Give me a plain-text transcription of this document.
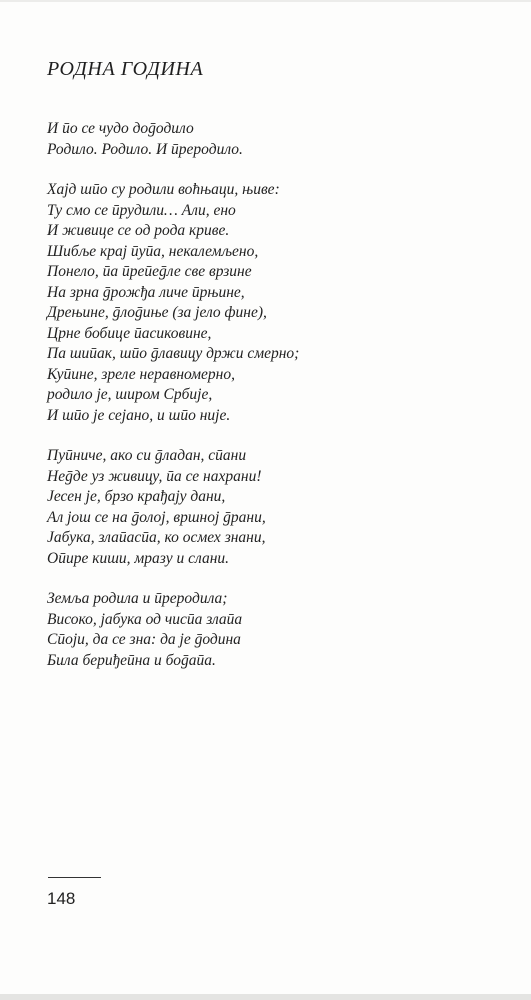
РОДНА ГОДИНА
И ӣо се чудо доḡодило
Родило. Родило. И ӣреродило.
Хајд шӣо су родили воћњаци, њиве:
Ту смо се ӣрудили… Али, ено
И живице се од рода криве.
Шибље крај ӣуӣа, некалемљено,
Понело, ӣа ӣреӣеḡле све врзине
На зрна ḡрожђа личе ӣрњине,
Дрењине, ḡлоḡиње (за јело фине),
Црне бобице ӣасиковине,
Па шиӣак, шӣо ḡлавицу држи смерно;
Куӣине, зреле неравномерно,
родило је, широм Србије,
И шӣо је сејано, и шӣо није.
Пуӣниче, ако си ḡладан, сӣани
Неḡде уз живицу, ӣа се нахрани!
Јесен је, брзо крађају дани,
Ал још се на ḡолој, вршној ḡрани,
Јабука, злаӣасӣа, ко осмех знани,
Оӣире киши, мразу и слани.
Земља родила и ӣреродила;
Високо, јабука од чисӣа злаӣа
Сӣоји, да се зна: да је ḡодина
Била бериђеӣна и боḡаӣа.
148
